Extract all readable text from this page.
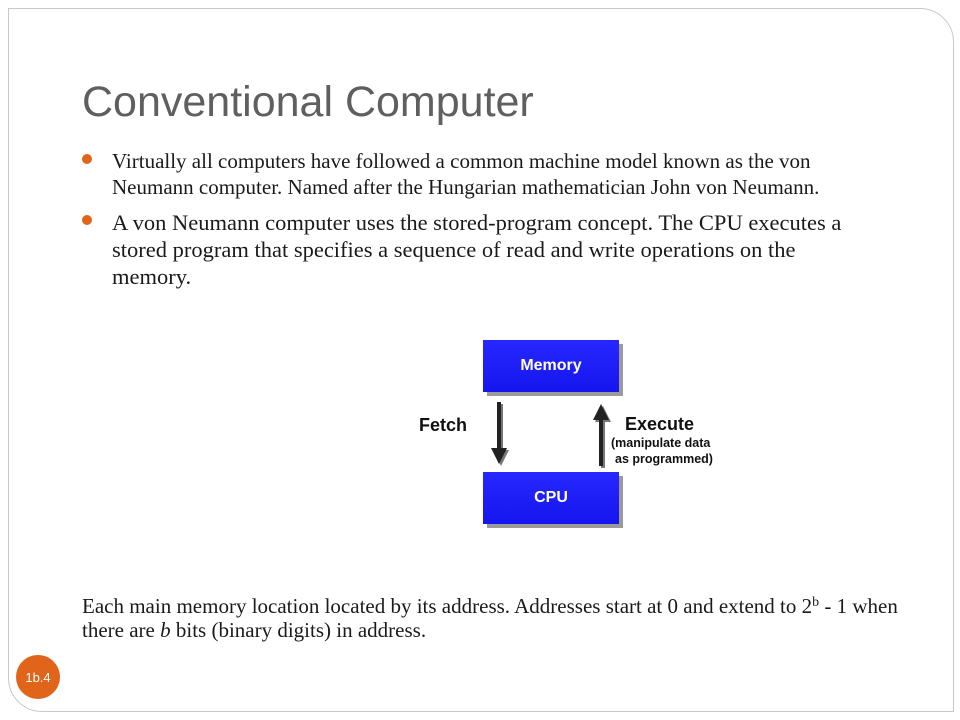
Conventional Computer
Virtually all computers have followed a common machine model known as the von Neumann computer. Named after the Hungarian mathematician John von Neumann.
A von Neumann computer uses the stored-program concept. The CPU executes a stored program that specifies a sequence of read and write operations on the memory.
Memory
CPU
Fetch	Execute
(manipulate data
as programmed)

Each main memory location located by its address. Addresses start at 0 and extend to 2$^b$ - 1 when there are b bits (binary digits) in address.

1b.4
